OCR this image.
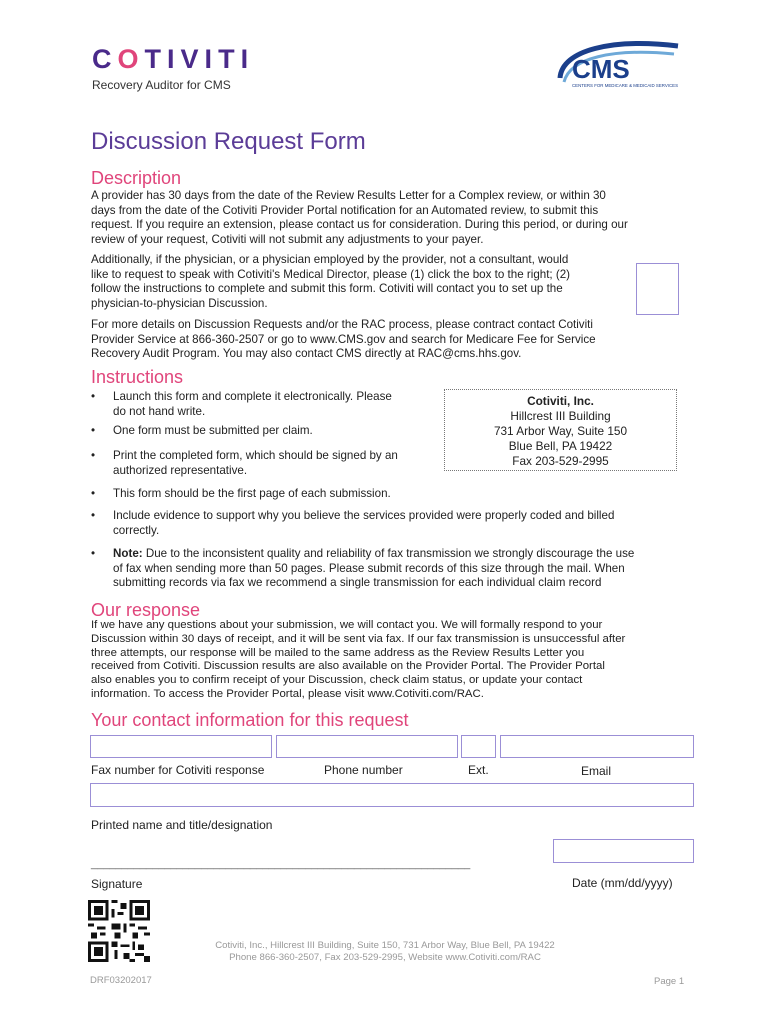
COTIVITI
Recovery Auditor for CMS
CMS
CENTERS FOR MEDICARE & MEDICAID SERVICES
Discussion Request Form
Description
A provider has 30 days from the date of the Review Results Letter for a Complex review, or within 30
days from the date of the Cotiviti Provider Portal notification for an Automated review, to submit this
request. If you require an extension, please contact us for consideration. During this period, or during our
review of your request, Cotiviti will not submit any adjustments to your payer.
Additionally, if the physician, or a physician employed by the provider, not a consultant, would
like to request to speak with Cotiviti's Medical Director, please (1) click the box to the right; (2)
follow the instructions to complete and submit this form. Cotiviti will contact you to set up the
physician-to-physician Discussion.
For more details on Discussion Requests and/or the RAC process, please contract contact Cotiviti
Provider Service at 866-360-2507 or go to www.CMS.gov and search for Medicare Fee for Service
Recovery Audit Program. You may also contact CMS directly at RAC@cms.hhs.gov.
Instructions
• Launch this form and complete it electronically. Please
do not hand write.
• One form must be submitted per claim.
• Print the completed form, which should be signed by an
authorized representative.
• This form should be the first page of each submission.
• Include evidence to support why you believe the services provided were properly coded and billed
correctly.
• Note: Due to the inconsistent quality and reliability of fax transmission we strongly discourage the use
of fax when sending more than 50 pages. Please submit records of this size through the mail. When
submitting records via fax we recommend a single transmission for each individual claim record
Cotiviti, Inc.
Hillcrest III Building
731 Arbor Way, Suite 150
Blue Bell, PA 19422
Fax 203-529-2995
Our response
If we have any questions about your submission, we will contact you. We will formally respond to your
Discussion within 30 days of receipt, and it will be sent via fax. If our fax transmission is unsuccessful after
three attempts, our response will be mailed to the same address as the Review Results Letter you
received from Cotiviti. Discussion results are also available on the Provider Portal. The Provider Portal
also enables you to confirm receipt of your Discussion, check claim status, or update your contact
information. To access the Provider Portal, please visit www.Cotiviti.com/RAC.
Your contact information for this request
Fax number for Cotiviti response	Phone number	Ext.	Email
Printed name and title/designation
______________________________________________________________
Signature	Date (mm/dd/yyyy)
Cotiviti, Inc., Hillcrest III Building, Suite 150, 731 Arbor Way, Blue Bell, PA 19422
Phone 866-360-2507, Fax 203-529-2995, Website www.Cotiviti.com/RAC
DRF03202017	Page 1
